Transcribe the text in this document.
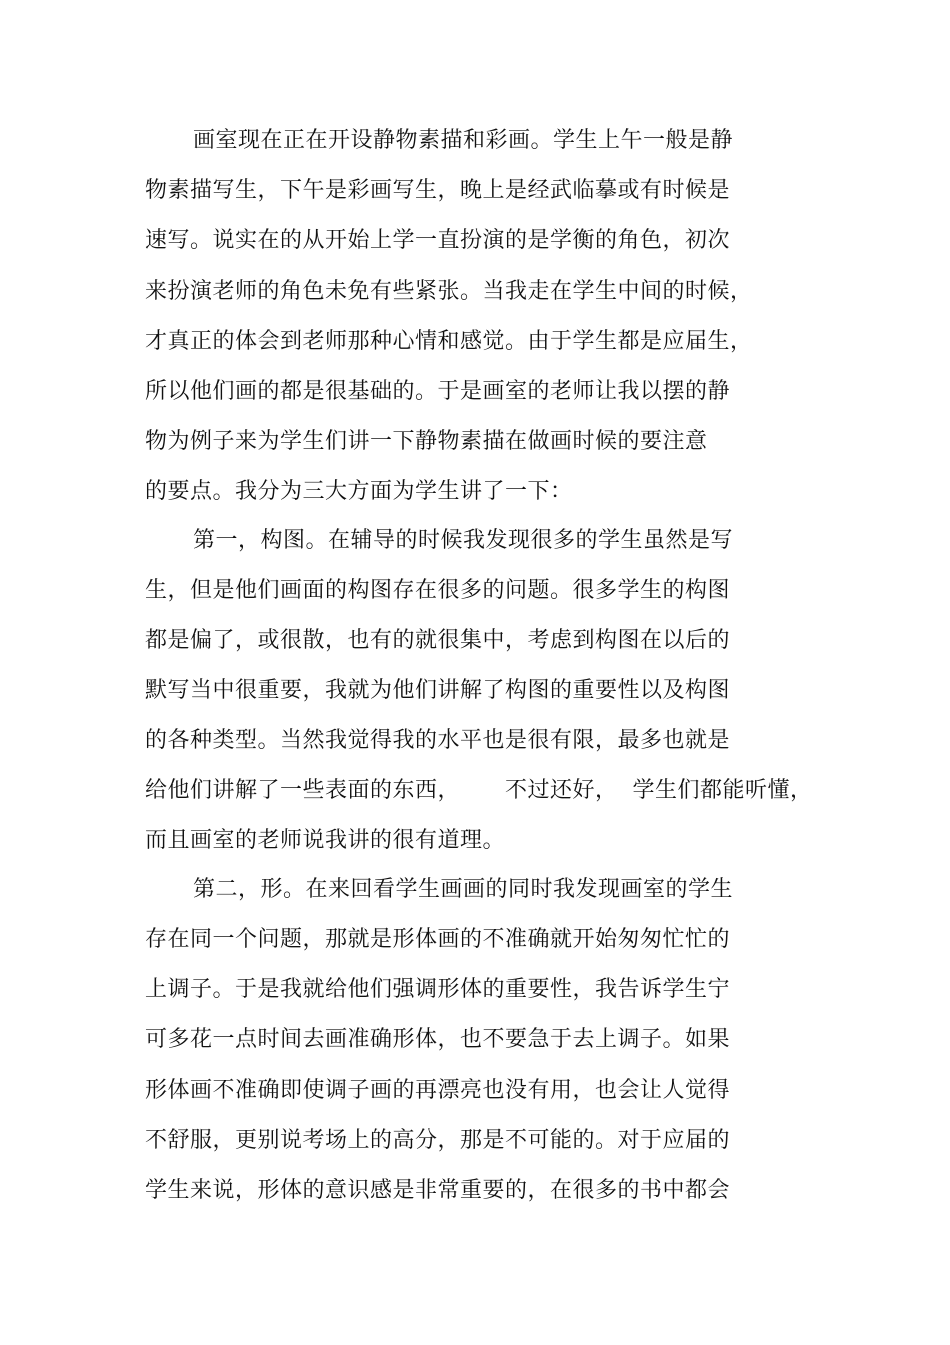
画室现在正在开设静物素描和彩画。学生上午一般是静
物素描写生，下午是彩画写生，晚上是经武临摹或有时候是
速写。说实在的从开始上学一直扮演的是学衡的角色，初次
来扮演老师的角色未免有些紧张。当我走在学生中间的时候，
才真正的体会到老师那种心情和感觉。由于学生都是应届生，
所以他们画的都是很基础的。于是画室的老师让我以摆的静
物为例子来为学生们讲一下静物素描在做画时候的要注意
的要点。我分为三大方面为学生讲了一下：
第一，构图。在辅导的时候我发现很多的学生虽然是写
生，但是他们画面的构图存在很多的问题。很多学生的构图
都是偏了，或很散，也有的就很集中，考虑到构图在以后的
默写当中很重要，我就为他们讲解了构图的重要性以及构图
的各种类型。当然我觉得我的水平也是很有限，最多也就是
给他们讲解了一些表面的东西，      不过还好，  学生们都能听懂，
而且画室的老师说我讲的很有道理。
第二，形。在来回看学生画画的同时我发现画室的学生
存在同一个问题，那就是形体画的不准确就开始匆匆忙忙的
上调子。于是我就给他们强调形体的重要性，我告诉学生宁
可多花一点时间去画准确形体，也不要急于去上调子。如果
形体画不准确即使调子画的再漂亮也没有用，也会让人觉得
不舒服，更别说考场上的高分，那是不可能的。对于应届的
学生来说，形体的意识感是非常重要的，在很多的书中都会
